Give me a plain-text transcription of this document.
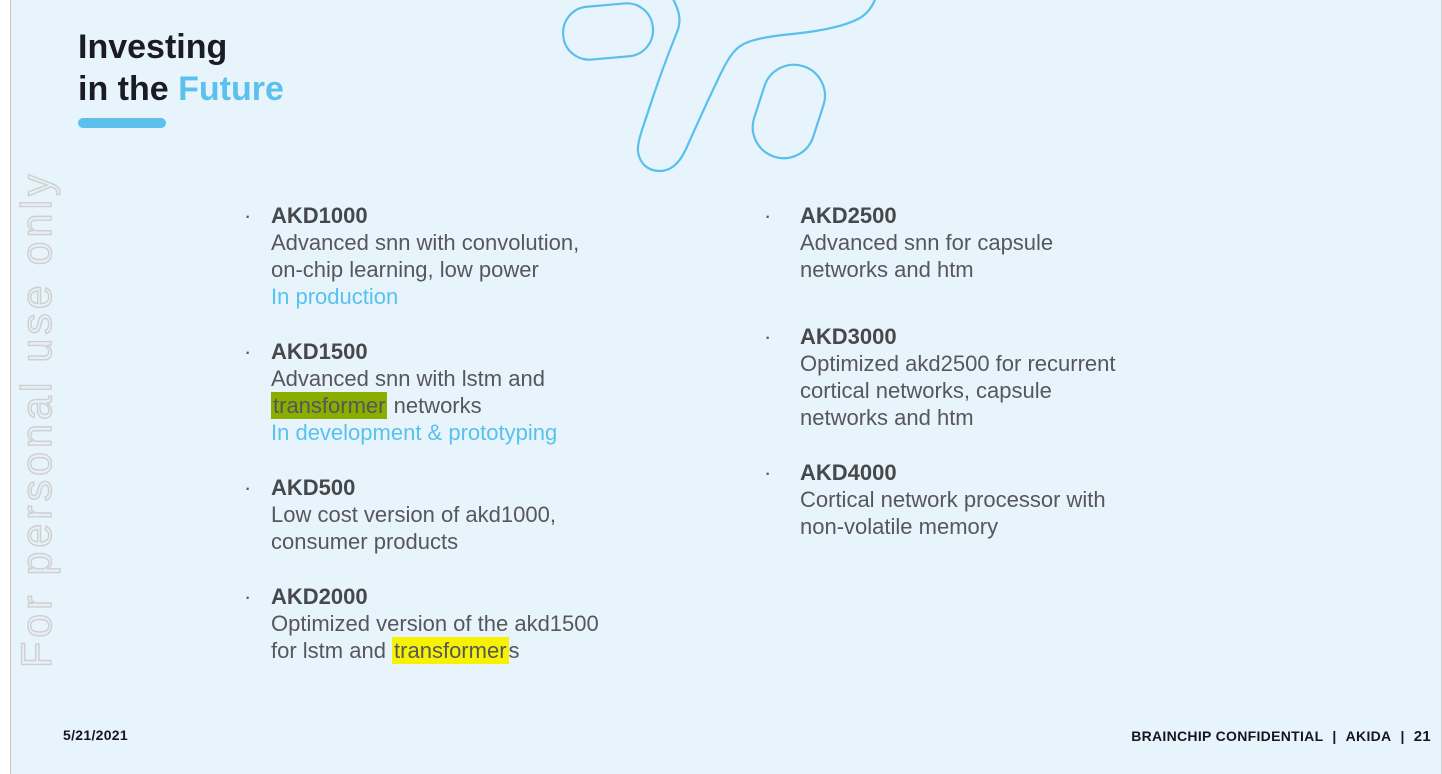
For personal use only
Investing
in the Future
· AKD1000
Advanced snn with convolution,
on-chip learning, low power
In production
· AKD1500
Advanced snn with lstm and
transformer networks
In development & prototyping
· AKD500
Low cost version of akd1000,
consumer products
· AKD2000
Optimized version of the akd1500
for lstm and transformers
·	AKD2500
Advanced snn for capsule
networks and htm
·	AKD3000
Optimized akd2500 for recurrent
cortical networks, capsule
networks and htm
·	AKD4000
Cortical network processor with
non-volatile memory
5/21/2021	BRAINCHIP CONFIDENTIAL | AKIDA | 21
